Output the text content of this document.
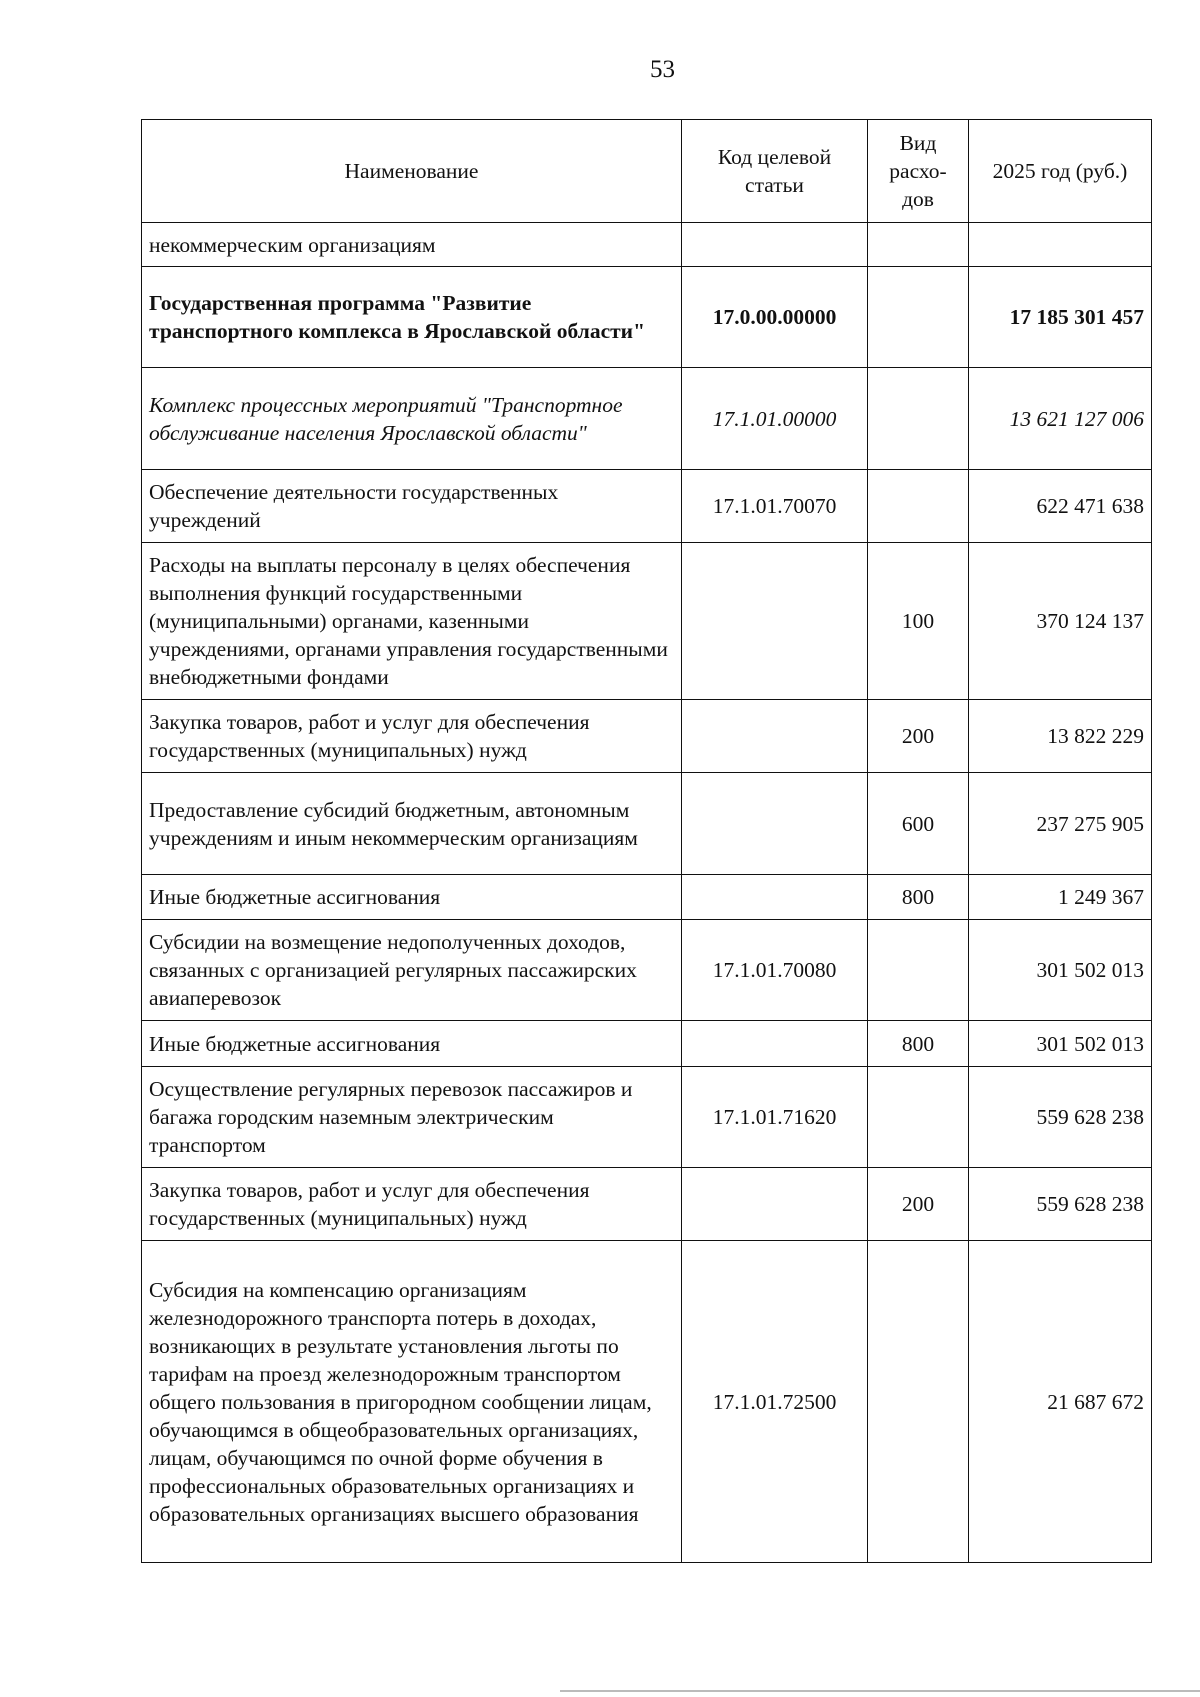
53
Наименование	Код целевой статьи	Вид расхо-дов	2025 год (руб.)
некоммерческим организациям			
Государственная программа "Развитие транспортного комплекса в Ярославской области"	17.0.00.00000		17 185 301 457
Комплекс процессных мероприятий "Транспортное обслуживание населения Ярославской области"	17.1.01.00000		13 621 127 006
Обеспечение деятельности государственных учреждений	17.1.01.70070		622 471 638
Расходы на выплаты персоналу в целях обеспечения выполнения функций государственными (муниципальными) органами, казенными учреждениями, органами управления государственными внебюджетными фондами		100	370 124 137
Закупка товаров, работ и услуг для обеспечения государственных (муниципальных) нужд		200	13 822 229
Предоставление субсидий бюджетным, автономным учреждениям и иным некоммерческим организациям		600	237 275 905
Иные бюджетные ассигнования		800	1 249 367
Субсидии на возмещение недополученных доходов, связанных с организацией регулярных пассажирских авиаперевозок	17.1.01.70080		301 502 013
Иные бюджетные ассигнования		800	301 502 013
Осуществление регулярных перевозок пассажиров и багажа городским наземным электрическим транспортом	17.1.01.71620		559 628 238
Закупка товаров, работ и услуг для обеспечения государственных (муниципальных) нужд		200	559 628 238
Субсидия на компенсацию организациям железнодорожного транспорта потерь в доходах, возникающих в результате установления льготы по тарифам на проезд железнодорожным транспортом общего пользования в пригородном сообщении лицам, обучающимся в общеобразовательных организациях, лицам, обучающимся по очной форме обучения в профессиональных образовательных организациях и образовательных организациях высшего образования	17.1.01.72500		21 687 672
